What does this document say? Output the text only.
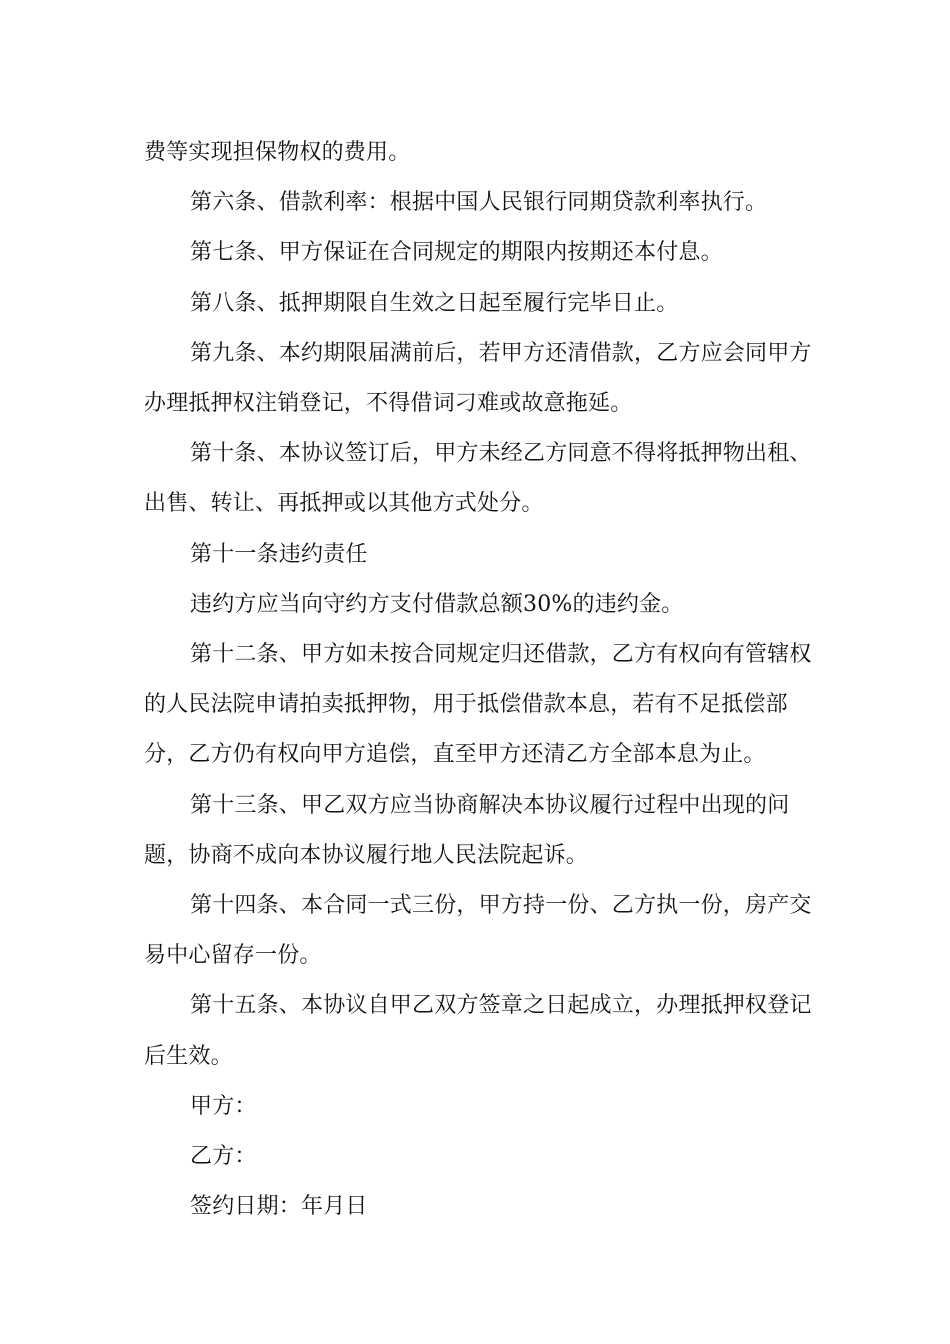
费等实现担保物权的费用。

第六条、借款利率：根据中国人民银行同期贷款利率执行。

第七条、甲方保证在合同规定的期限内按期还本付息。

第八条、抵押期限自生效之日起至履行完毕日止。

第九条、本约期限届满前后，若甲方还清借款，乙方应会同甲方办理抵押权注销登记，不得借词刁难或故意拖延。

第十条、本协议签订后，甲方未经乙方同意不得将抵押物出租、出售、转让、再抵押或以其他方式处分。

第十一条违约责任

违约方应当向守约方支付借款总额30%的违约金。

第十二条、甲方如未按合同规定归还借款，乙方有权向有管辖权的人民法院申请拍卖抵押物，用于抵偿借款本息，若有不足抵偿部分，乙方仍有权向甲方追偿，直至甲方还清乙方全部本息为止。

第十三条、甲乙双方应当协商解决本协议履行过程中出现的问题，协商不成向本协议履行地人民法院起诉。

第十四条、本合同一式三份，甲方持一份、乙方执一份，房产交易中心留存一份。

第十五条、本协议自甲乙双方签章之日起成立，办理抵押权登记后生效。

甲方：

乙方：

签约日期：年月日
